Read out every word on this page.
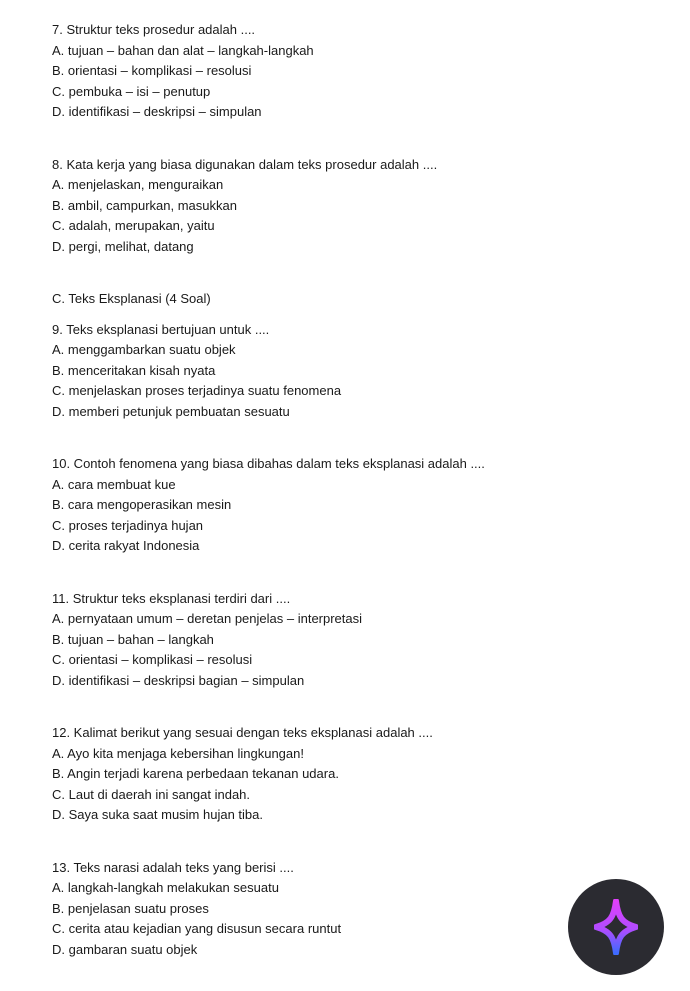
7. Struktur teks prosedur adalah ....
A. tujuan – bahan dan alat – langkah-langkah
B. orientasi – komplikasi – resolusi
C. pembuka – isi – penutup
D. identifikasi – deskripsi – simpulan
8. Kata kerja yang biasa digunakan dalam teks prosedur adalah ....
A. menjelaskan, menguraikan
B. ambil, campurkan, masukkan
C. adalah, merupakan, yaitu
D. pergi, melihat, datang
C. Teks Eksplanasi (4 Soal)
9. Teks eksplanasi bertujuan untuk ....
A. menggambarkan suatu objek
B. menceritakan kisah nyata
C. menjelaskan proses terjadinya suatu fenomena
D. memberi petunjuk pembuatan sesuatu
10. Contoh fenomena yang biasa dibahas dalam teks eksplanasi adalah ....
A. cara membuat kue
B. cara mengoperasikan mesin
C. proses terjadinya hujan
D. cerita rakyat Indonesia
11. Struktur teks eksplanasi terdiri dari ....
A. pernyataan umum – deretan penjelas – interpretasi
B. tujuan – bahan – langkah
C. orientasi – komplikasi – resolusi
D. identifikasi – deskripsi bagian – simpulan
12. Kalimat berikut yang sesuai dengan teks eksplanasi adalah ....
A. Ayo kita menjaga kebersihan lingkungan!
B. Angin terjadi karena perbedaan tekanan udara.
C. Laut di daerah ini sangat indah.
D. Saya suka saat musim hujan tiba.
13. Teks narasi adalah teks yang berisi ....
A. langkah-langkah melakukan sesuatu
B. penjelasan suatu proses
C. cerita atau kejadian yang disusun secara runtut
D. gambaran suatu objek
